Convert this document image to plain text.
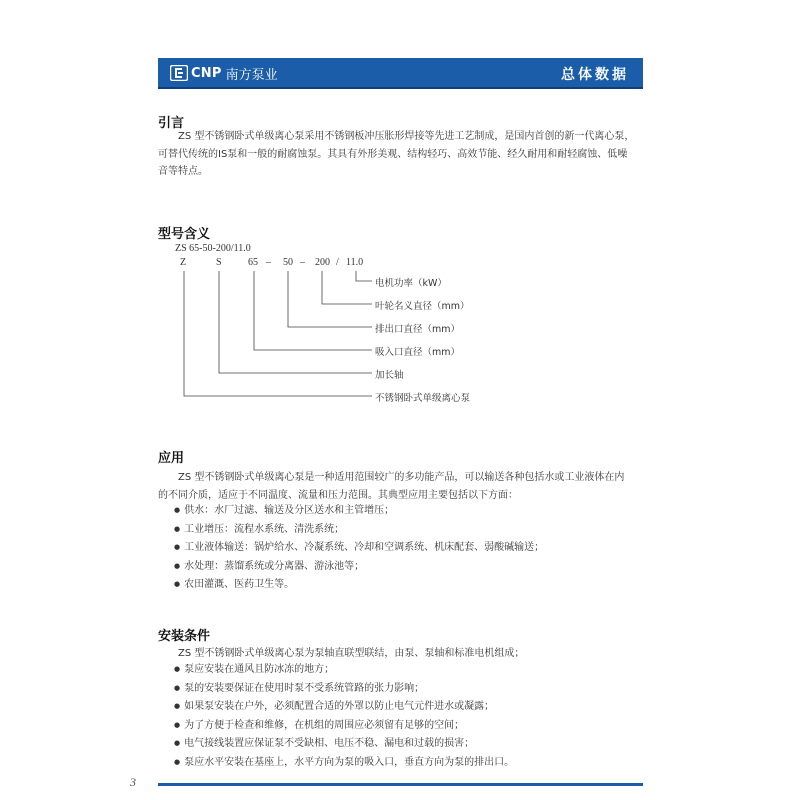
CNP 南方泵业	总体数据
引言
ZS 型不锈钢卧式单级离心泵采用不锈钢板冲压胀形焊接等先进工艺制成，是国内首创的新一代离心泵，
可替代传统的IS泵和一般的耐腐蚀泵。其具有外形美观、结构轻巧、高效节能、经久耐用和耐轻腐蚀、低噪
音等特点。
型号含义
ZS 65-50-200/11.0
Z	S	65 – 50 – 200 / 11.0
电机功率（kW）
叶轮名义直径（mm）
排出口直径（mm）
吸入口直径（mm）
加长轴
不锈钢卧式单级离心泵
应用
ZS 型不锈钢卧式单级离心泵是一种适用范围较广的多功能产品，可以输送各种包括水或工业液体在内
的不同介质，适应于不同温度、流量和压力范围。其典型应用主要包括以下方面：
● 供水：水厂过滤、输送及分区送水和主管增压；
● 工业增压：流程水系统、清洗系统；
● 工业液体输送：锅炉给水、冷凝系统、冷却和空调系统、机床配套、弱酸碱输送；
● 水处理：蒸馏系统或分离器、游泳池等；
● 农田灌溉、医药卫生等。
安装条件
ZS 型不锈钢卧式单级离心泵为泵轴直联型联结，由泵、泵轴和标准电机组成；
● 泵应安装在通风且防冰冻的地方；
● 泵的安装要保证在使用时泵不受系统管路的张力影响；
● 如果泵安装在户外，必须配置合适的外罩以防止电气元件进水或凝露；
● 为了方便于检查和维修，在机组的周围应必须留有足够的空间；
● 电气接线装置应保证泵不受缺相、电压不稳、漏电和过载的损害；
● 泵应水平安装在基座上，水平方向为泵的吸入口，垂直方向为泵的排出口。
3
